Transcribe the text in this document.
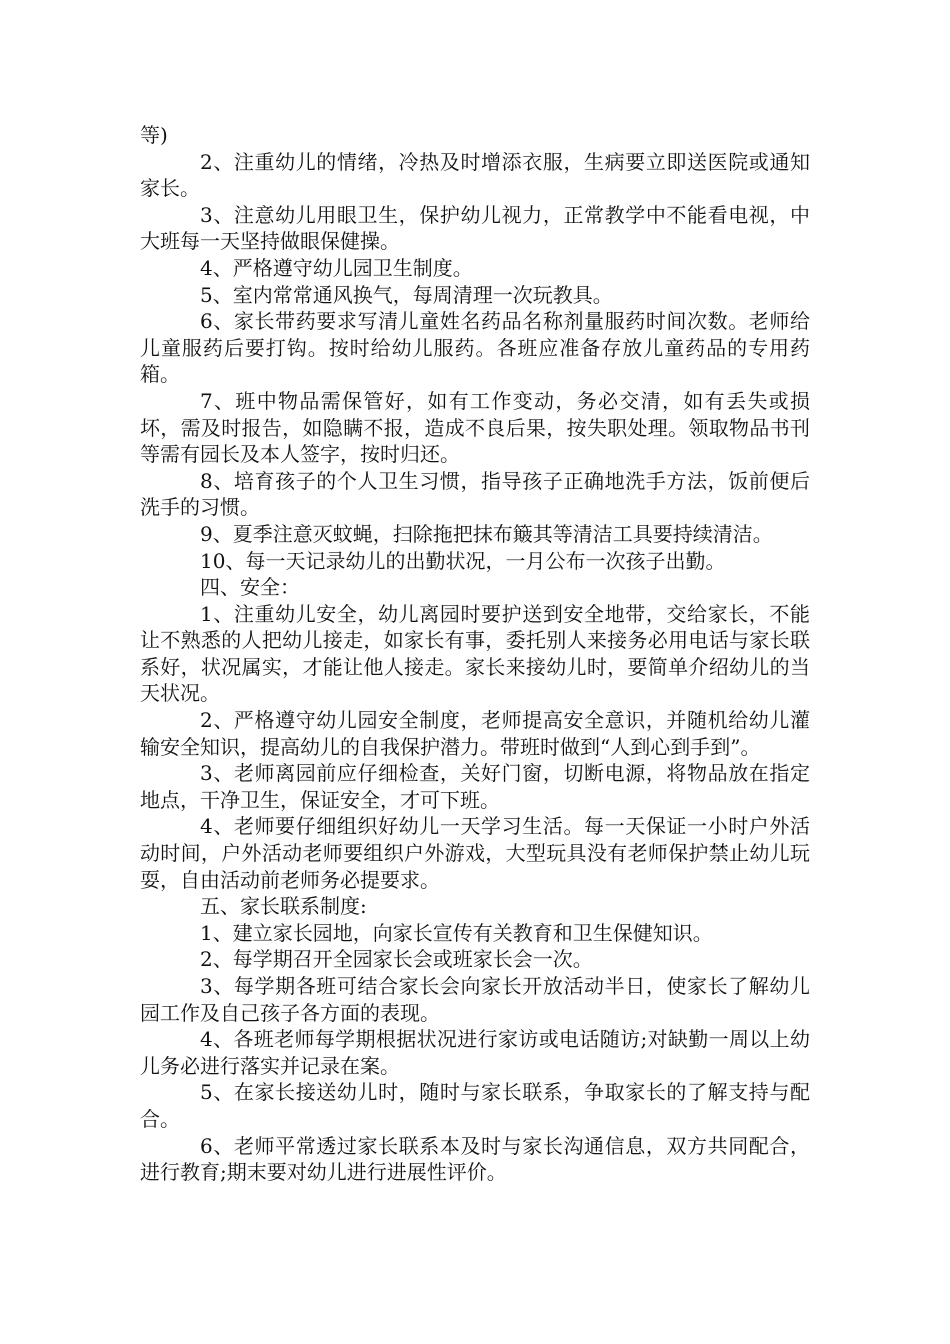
等)

2、注重幼儿的情绪，冷热及时增添衣服，生病要立即送医院或通知家长。

3、注意幼儿用眼卫生，保护幼儿视力，正常教学中不能看电视，中大班每一天坚持做眼保健操。

4、严格遵守幼儿园卫生制度。

5、室内常常通风换气，每周清理一次玩教具。

6、家长带药要求写清儿童姓名药品名称剂量服药时间次数。老师给儿童服药后要打钩。按时给幼儿服药。各班应准备存放儿童药品的专用药箱。

7、班中物品需保管好，如有工作变动，务必交清，如有丢失或损坏，需及时报告，如隐瞒不报，造成不良后果，按失职处理。领取物品书刊等需有园长及本人签字，按时归还。

8、培育孩子的个人卫生习惯，指导孩子正确地洗手方法，饭前便后洗手的习惯。

9、夏季注意灭蚊蝇，扫除拖把抹布簸其等清洁工具要持续清洁。

10、每一天记录幼儿的出勤状况，一月公布一次孩子出勤。

四、安全：

1、注重幼儿安全，幼儿离园时要护送到安全地带，交给家长，不能让不熟悉的人把幼儿接走，如家长有事，委托别人来接务必用电话与家长联系好，状况属实，才能让他人接走。家长来接幼儿时，要简单介绍幼儿的当天状况。

2、严格遵守幼儿园安全制度，老师提高安全意识，并随机给幼儿灌输安全知识，提高幼儿的自我保护潜力。带班时做到“人到心到手到”。

3、老师离园前应仔细检查，关好门窗，切断电源，将物品放在指定地点，干净卫生，保证安全，才可下班。

4、老师要仔细组织好幼儿一天学习生活。每一天保证一小时户外活动时间，户外活动老师要组织户外游戏，大型玩具没有老师保护禁止幼儿玩耍，自由活动前老师务必提要求。

五、家长联系制度:

1、建立家长园地，向家长宣传有关教育和卫生保健知识。

2、每学期召开全园家长会或班家长会一次。

3、每学期各班可结合家长会向家长开放活动半日，使家长了解幼儿园工作及自己孩子各方面的表现。

4、各班老师每学期根据状况进行家访或电话随访;对缺勤一周以上幼儿务必进行落实并记录在案。

5、在家长接送幼儿时，随时与家长联系，争取家长的了解支持与配合。

6、老师平常透过家长联系本及时与家长沟通信息，双方共同配合，进行教育;期末要对幼儿进行进展性评价。
